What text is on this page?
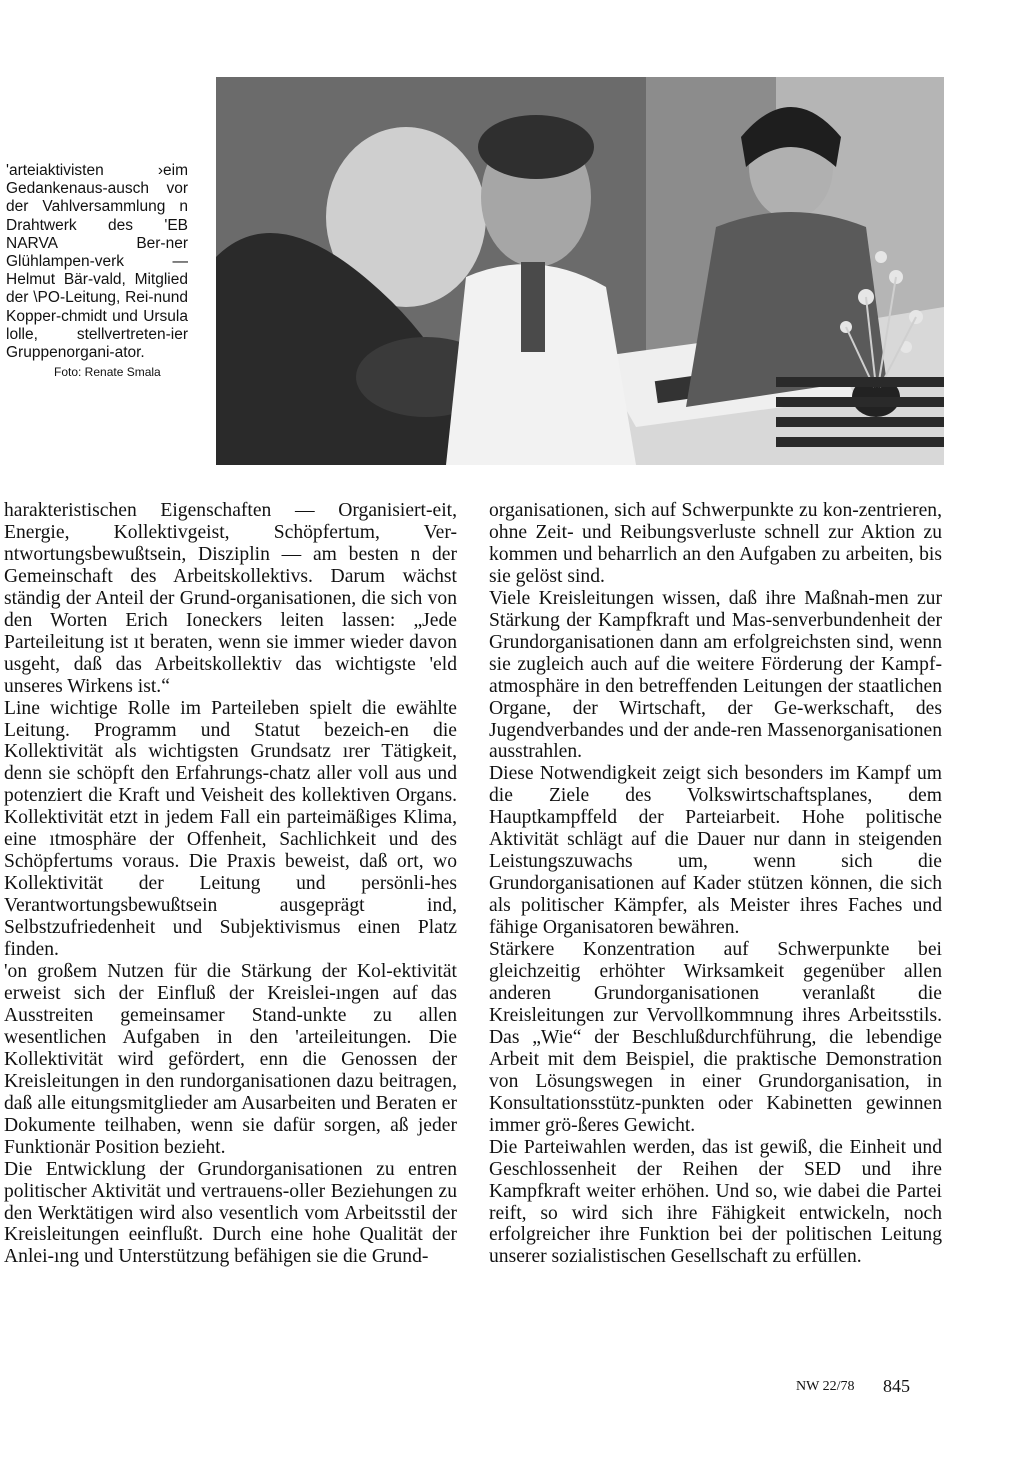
'arteiaktivisten ›eim Gedankenaus-ausch vor der Vahlversammlung n Drahtwerk des 'EB NARVA Ber-ner Glühlampen-verk — Helmut Bär-vald, Mitglied der \PO-Leitung, Rei-nund Kopper-chmidt und Ursula lolle, stellvertreten-ier Gruppenorgani-ator.
Foto: Renate Smala

harakteristischen Eigenschaften — Organisiert-eit, Energie, Kollektivgeist, Schöpfertum, Ver-ntwortungsbewußtsein, Disziplin — am besten n der Gemeinschaft des Arbeitskollektivs. Darum wächst ständig der Anteil der Grund-organisationen, die sich von den Worten Erich Ioneckers leiten lassen: „Jede Parteileitung ist ıt beraten, wenn sie immer wieder davon usgeht, daß das Arbeitskollektiv das wichtigste 'eld unseres Wirkens ist.“

Line wichtige Rolle im Parteileben spielt die ewählte Leitung. Programm und Statut bezeich-en die Kollektivität als wichtigsten Grundsatz ırer Tätigkeit, denn sie schöpft den Erfahrungs-chatz aller voll aus und potenziert die Kraft und Veisheit des kollektiven Organs. Kollektivität etzt in jedem Fall ein parteimäßiges Klima, eine ıtmosphäre der Offenheit, Sachlichkeit und des Schöpfertums voraus. Die Praxis beweist, daß ort, wo Kollektivität der Leitung und persönli-hes Verantwortungsbewußtsein ausgeprägt ind, Selbstzufriedenheit und Subjektivismus einen Platz finden.

'on großem Nutzen für die Stärkung der Kol-ektivität erweist sich der Einfluß der Kreislei-ıngen auf das Ausstreiten gemeinsamer Stand-unkte zu allen wesentlichen Aufgaben in den 'arteileitungen. Die Kollektivität wird gefördert, enn die Genossen der Kreisleitungen in den rundorganisationen dazu beitragen, daß alle eitungsmitglieder am Ausarbeiten und Beraten er Dokumente teilhaben, wenn sie dafür sorgen, aß jeder Funktionär Position bezieht.

Die Entwicklung der Grundorganisationen zu entren politischer Aktivität und vertrauens-oller Beziehungen zu den Werktätigen wird also vesentlich vom Arbeitsstil der Kreisleitungen eeinflußt. Durch eine hohe Qualität der Anlei-ıng und Unterstützung befähigen sie die Grund-

organisationen, sich auf Schwerpunkte zu kon-zentrieren, ohne Zeit- und Reibungsverluste schnell zur Aktion zu kommen und beharrlich an den Aufgaben zu arbeiten, bis sie gelöst sind.

Viele Kreisleitungen wissen, daß ihre Maßnah-men zur Stärkung der Kampfkraft und Mas-senverbundenheit der Grundorganisationen dann am erfolgreichsten sind, wenn sie zugleich auch auf die weitere Förderung der Kampf-atmosphäre in den betreffenden Leitungen der staatlichen Organe, der Wirtschaft, der Ge-werkschaft, des Jugendverbandes und der ande-ren Massenorganisationen ausstrahlen.

Diese Notwendigkeit zeigt sich besonders im Kampf um die Ziele des Volkswirtschaftsplanes, dem Hauptkampffeld der Parteiarbeit. Hohe politische Aktivität schlägt auf die Dauer nur dann in steigenden Leistungszuwachs um, wenn sich die Grundorganisationen auf Kader stützen können, die sich als politischer Kämpfer, als Meister ihres Faches und fähige Organisatoren bewähren.

Stärkere Konzentration auf Schwerpunkte bei gleichzeitig erhöhter Wirksamkeit gegenüber allen anderen Grundorganisationen veranlaßt die Kreisleitungen zur Vervollkommnung ihres Arbeitsstils. Das „Wie“ der Beschlußdurchführung, die lebendige Arbeit mit dem Beispiel, die praktische Demonstration von Lösungswegen in einer Grundorganisation, in Konsultationsstütz-punkten oder Kabinetten gewinnen immer grö-ßeres Gewicht.

Die Parteiwahlen werden, das ist gewiß, die Einheit und Geschlossenheit der Reihen der SED und ihre Kampfkraft weiter erhöhen. Und so, wie dabei die Partei reift, so wird sich ihre Fähigkeit entwickeln, noch erfolgreicher ihre Funktion bei der politischen Leitung unserer sozialistischen Gesellschaft zu erfüllen.

NW 22/78 845
